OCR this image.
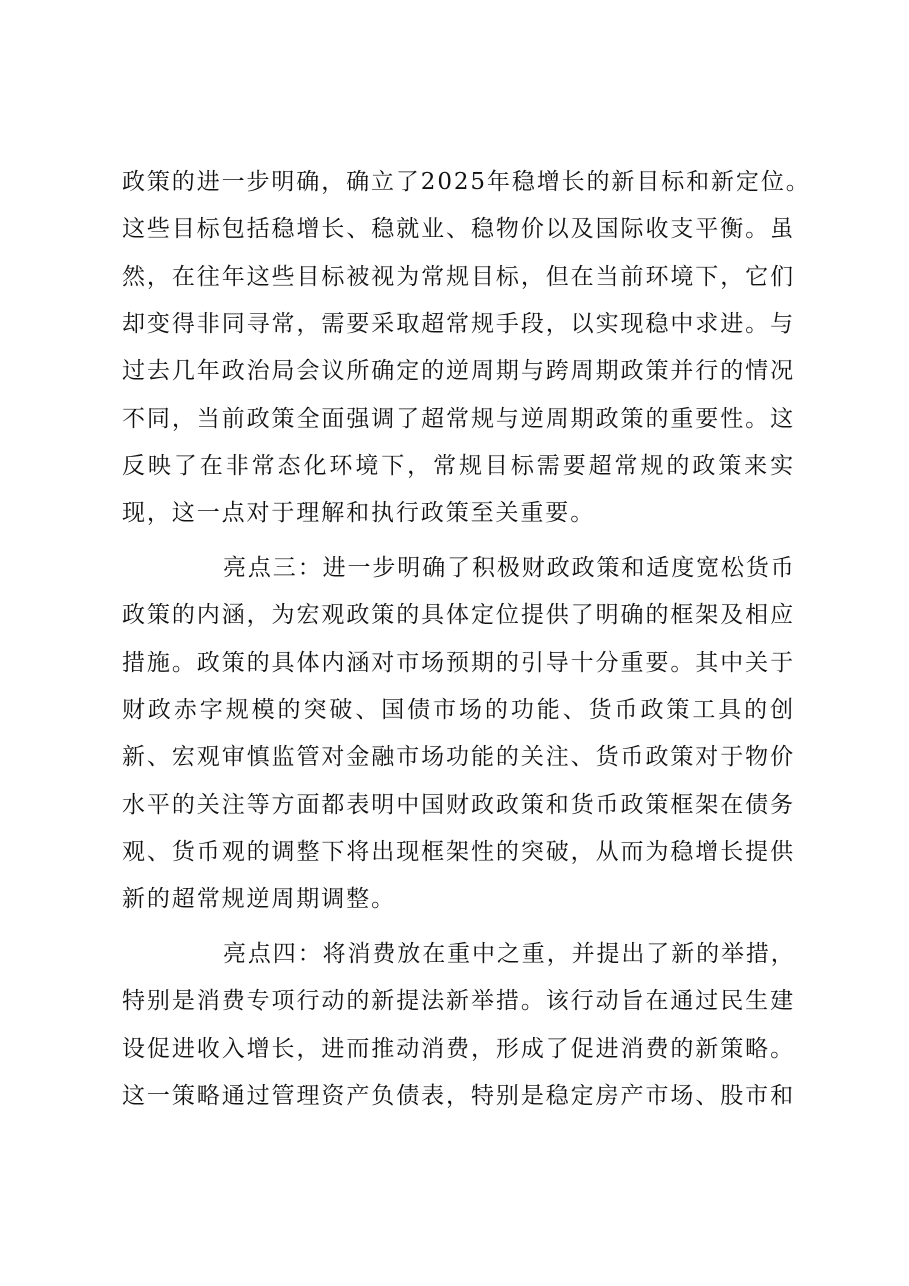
政策的进一步明确，确立了2025年稳增长的新目标和新定位。
这些目标包括稳增长、稳就业、稳物价以及国际收支平衡。虽
然，在往年这些目标被视为常规目标，但在当前环境下，它们
却变得非同寻常，需要采取超常规手段，以实现稳中求进。与
过去几年政治局会议所确定的逆周期与跨周期政策并行的情况
不同，当前政策全面强调了超常规与逆周期政策的重要性。这
反映了在非常态化环境下，常规目标需要超常规的政策来实
现，这一点对于理解和执行政策至关重要。
亮点三：进一步明确了积极财政政策和适度宽松货币
政策的内涵，为宏观政策的具体定位提供了明确的框架及相应
措施。政策的具体内涵对市场预期的引导十分重要。其中关于
财政赤字规模的突破、国债市场的功能、货币政策工具的创
新、宏观审慎监管对金融市场功能的关注、货币政策对于物价
水平的关注等方面都表明中国财政政策和货币政策框架在债务
观、货币观的调整下将出现框架性的突破，从而为稳增长提供
新的超常规逆周期调整。
亮点四：将消费放在重中之重，并提出了新的举措，
特别是消费专项行动的新提法新举措。该行动旨在通过民生建
设促进收入增长，进而推动消费，形成了促进消费的新策略。
这一策略通过管理资产负债表，特别是稳定房产市场、股市和
